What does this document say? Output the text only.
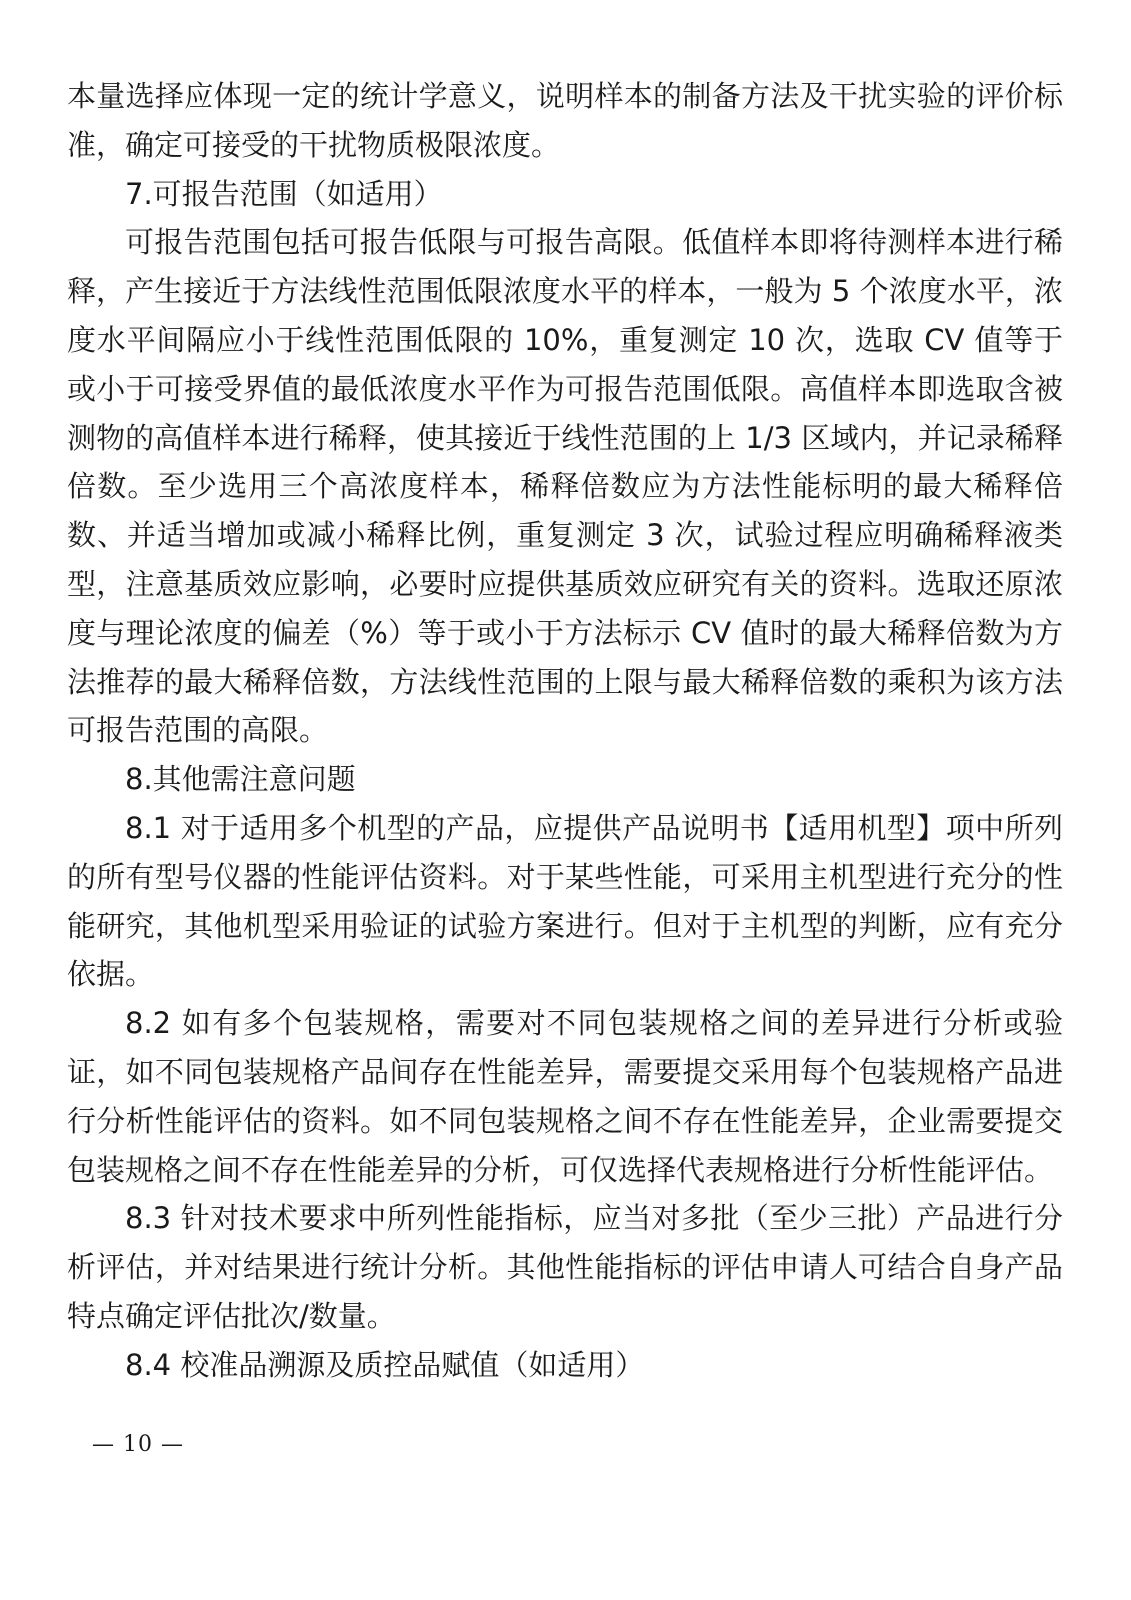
本量选择应体现一定的统计学意义，说明样本的制备方法及干扰实验的评价标准，确定可接受的干扰物质极限浓度。

7.可报告范围（如适用）

可报告范围包括可报告低限与可报告高限。低值样本即将待测样本进行稀释，产生接近于方法线性范围低限浓度水平的样本，一般为 5 个浓度水平，浓度水平间隔应小于线性范围低限的 10%，重复测定 10 次，选取 CV 值等于或小于可接受界值的最低浓度水平作为可报告范围低限。高值样本即选取含被测物的高值样本进行稀释，使其接近于线性范围的上 1/3 区域内，并记录稀释倍数。至少选用三个高浓度样本，稀释倍数应为方法性能标明的最大稀释倍数、并适当增加或减小稀释比例，重复测定 3 次，试验过程应明确稀释液类型，注意基质效应影响，必要时应提供基质效应研究有关的资料。选取还原浓度与理论浓度的偏差（%）等于或小于方法标示 CV 值时的最大稀释倍数为方法推荐的最大稀释倍数，方法线性范围的上限与最大稀释倍数的乘积为该方法可报告范围的高限。

8.其他需注意问题

8.1 对于适用多个机型的产品，应提供产品说明书【适用机型】项中所列的所有型号仪器的性能评估资料。对于某些性能，可采用主机型进行充分的性能研究，其他机型采用验证的试验方案进行。但对于主机型的判断，应有充分依据。

8.2 如有多个包装规格，需要对不同包装规格之间的差异进行分析或验证，如不同包装规格产品间存在性能差异，需要提交采用每个包装规格产品进行分析性能评估的资料。如不同包装规格之间不存在性能差异，企业需要提交包装规格之间不存在性能差异的分析，可仅选择代表规格进行分析性能评估。

8.3 针对技术要求中所列性能指标，应当对多批（至少三批）产品进行分析评估，并对结果进行统计分析。其他性能指标的评估申请人可结合自身产品特点确定评估批次/数量。

8.4 校准品溯源及质控品赋值（如适用）

— 10 —
